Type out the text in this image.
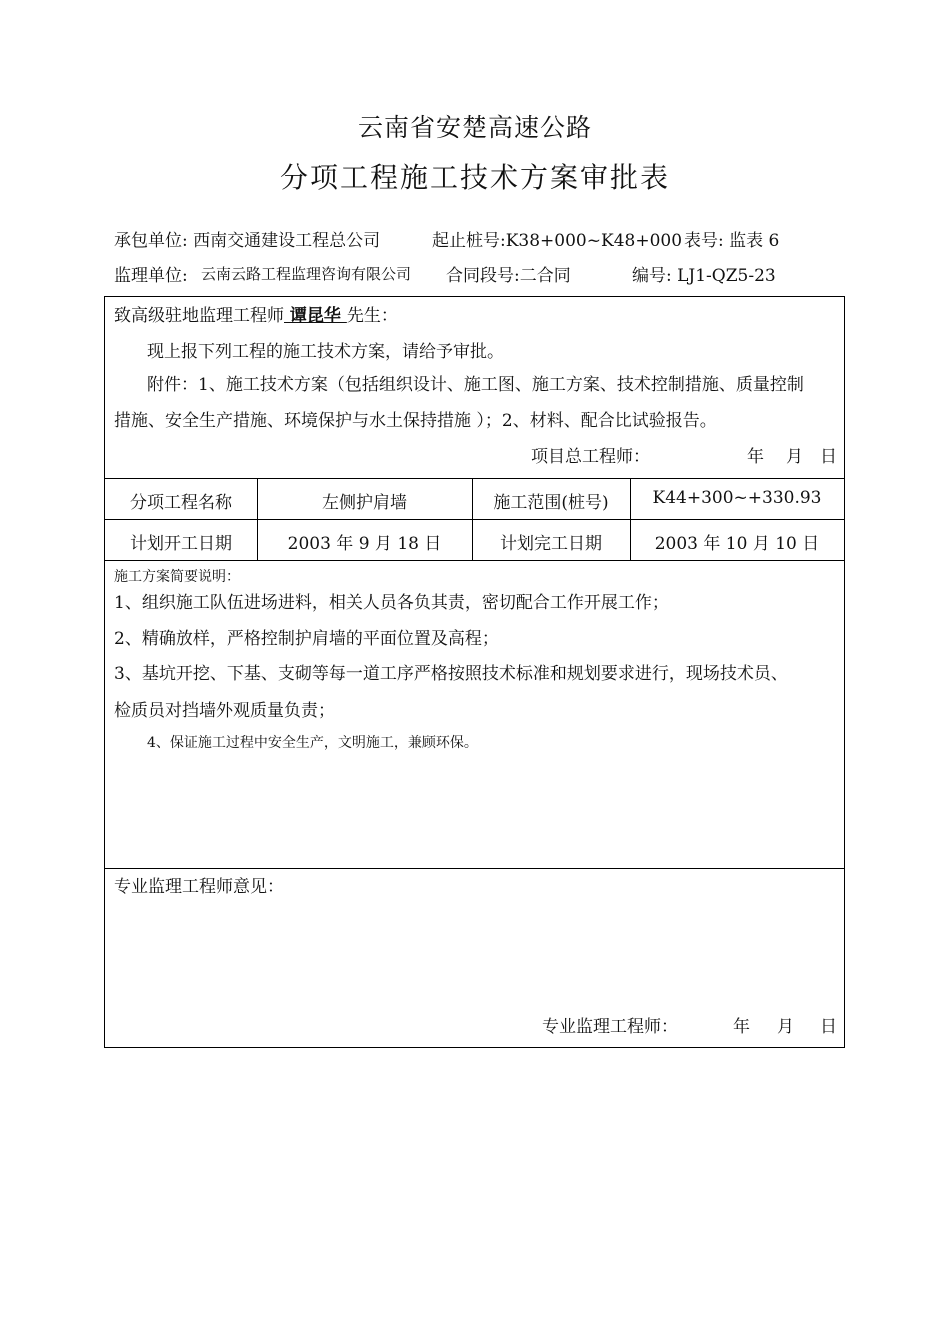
云南省安楚高速公路
分项工程施工技术方案审批表
承包单位: 西南交通建设工程总公司	起止桩号:K38+000~K48+000 表号: 监表 6
监理单位: 云南云路工程监理咨询有限公司 合同段号:二合同	编号: LJ1-QZ5-23
致高级驻地监理工程师 谭昆华 先生：
现上报下列工程的施工技术方案，请给予审批。
附件：1、施工技术方案（包括组织设计、施工图、施工方案、技术控制措施、质量控制
措施、安全生产措施、环境保护与水土保持措施 ）；2、材料、配合比试验报告。
项目总工程师：	年 月 日
分项工程名称	左侧护肩墙	施工范围(桩号)	K44+300~+330.93
计划开工日期	2003 年 9 月 18 日	计划完工日期	2003 年 10 月 10 日
施工方案简要说明：
1、组织施工队伍进场进料，相关人员各负其责，密切配合工作开展工作；
2、精确放样，严格控制护肩墙的平面位置及高程；
3、基坑开挖、下基、支砌等每一道工序严格按照技术标准和规划要求进行，现场技术员、
检质员对挡墙外观质量负责；
4、保证施工过程中安全生产，文明施工，兼顾环保。
专业监理工程师意见：
专业监理工程师：	年 月 日
